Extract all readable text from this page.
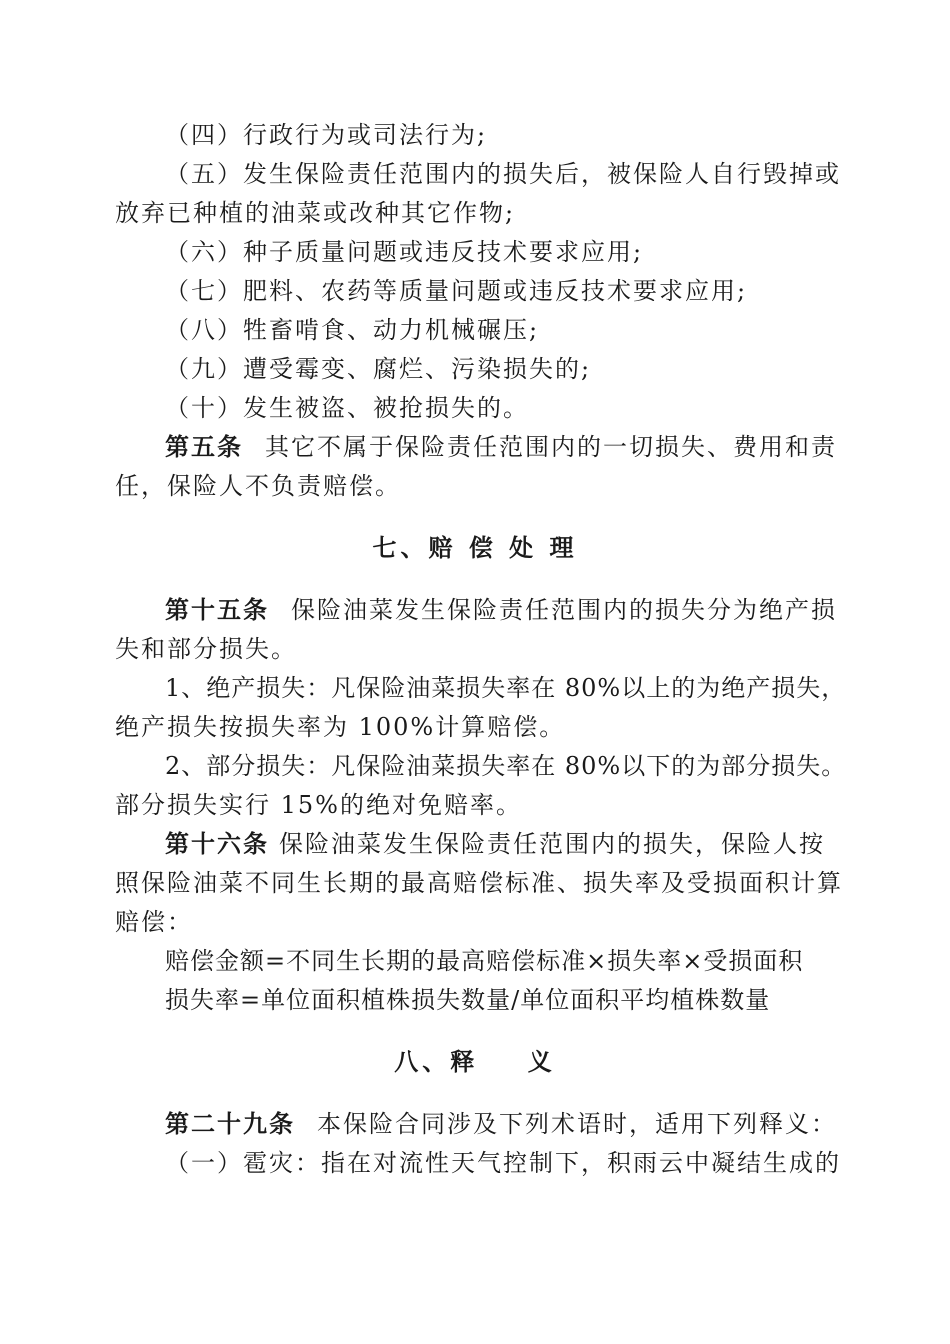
（四）行政行为或司法行为;
（五）发生保险责任范围内的损失后，被保险人自行毁掉或
放弃已种植的油菜或改种其它作物;
（六）种子质量问题或违反技术要求应用;
（七）肥料、农药等质量问题或违反技术要求应用;
（八）牲畜啃食、动力机械碾压;
（九）遭受霉变、腐烂、污染损失的;
（十）发生被盗、被抢损失的。
第五条 其它不属于保险责任范围内的一切损失、费用和责
任，保险人不负责赔偿。
七、赔 偿 处 理
第十五条 保险油菜发生保险责任范围内的损失分为绝产损
失和部分损失。
1、绝产损失：凡保险油菜损失率在 80%以上的为绝产损失，
绝产损失按损失率为 100%计算赔偿。
2、部分损失：凡保险油菜损失率在 80%以下的为部分损失。
部分损失实行 15%的绝对免赔率。
第十六条 保险油菜发生保险责任范围内的损失，保险人按
照保险油菜不同生长期的最高赔偿标准、损失率及受损面积计算
赔偿：
赔偿金额=不同生长期的最高赔偿标准×损失率×受损面积
损失率=单位面积植株损失数量/单位面积平均植株数量
八、释    义
第二十九条 本保险合同涉及下列术语时，适用下列释义：
（一）雹灾：指在对流性天气控制下，积雨云中凝结生成的
